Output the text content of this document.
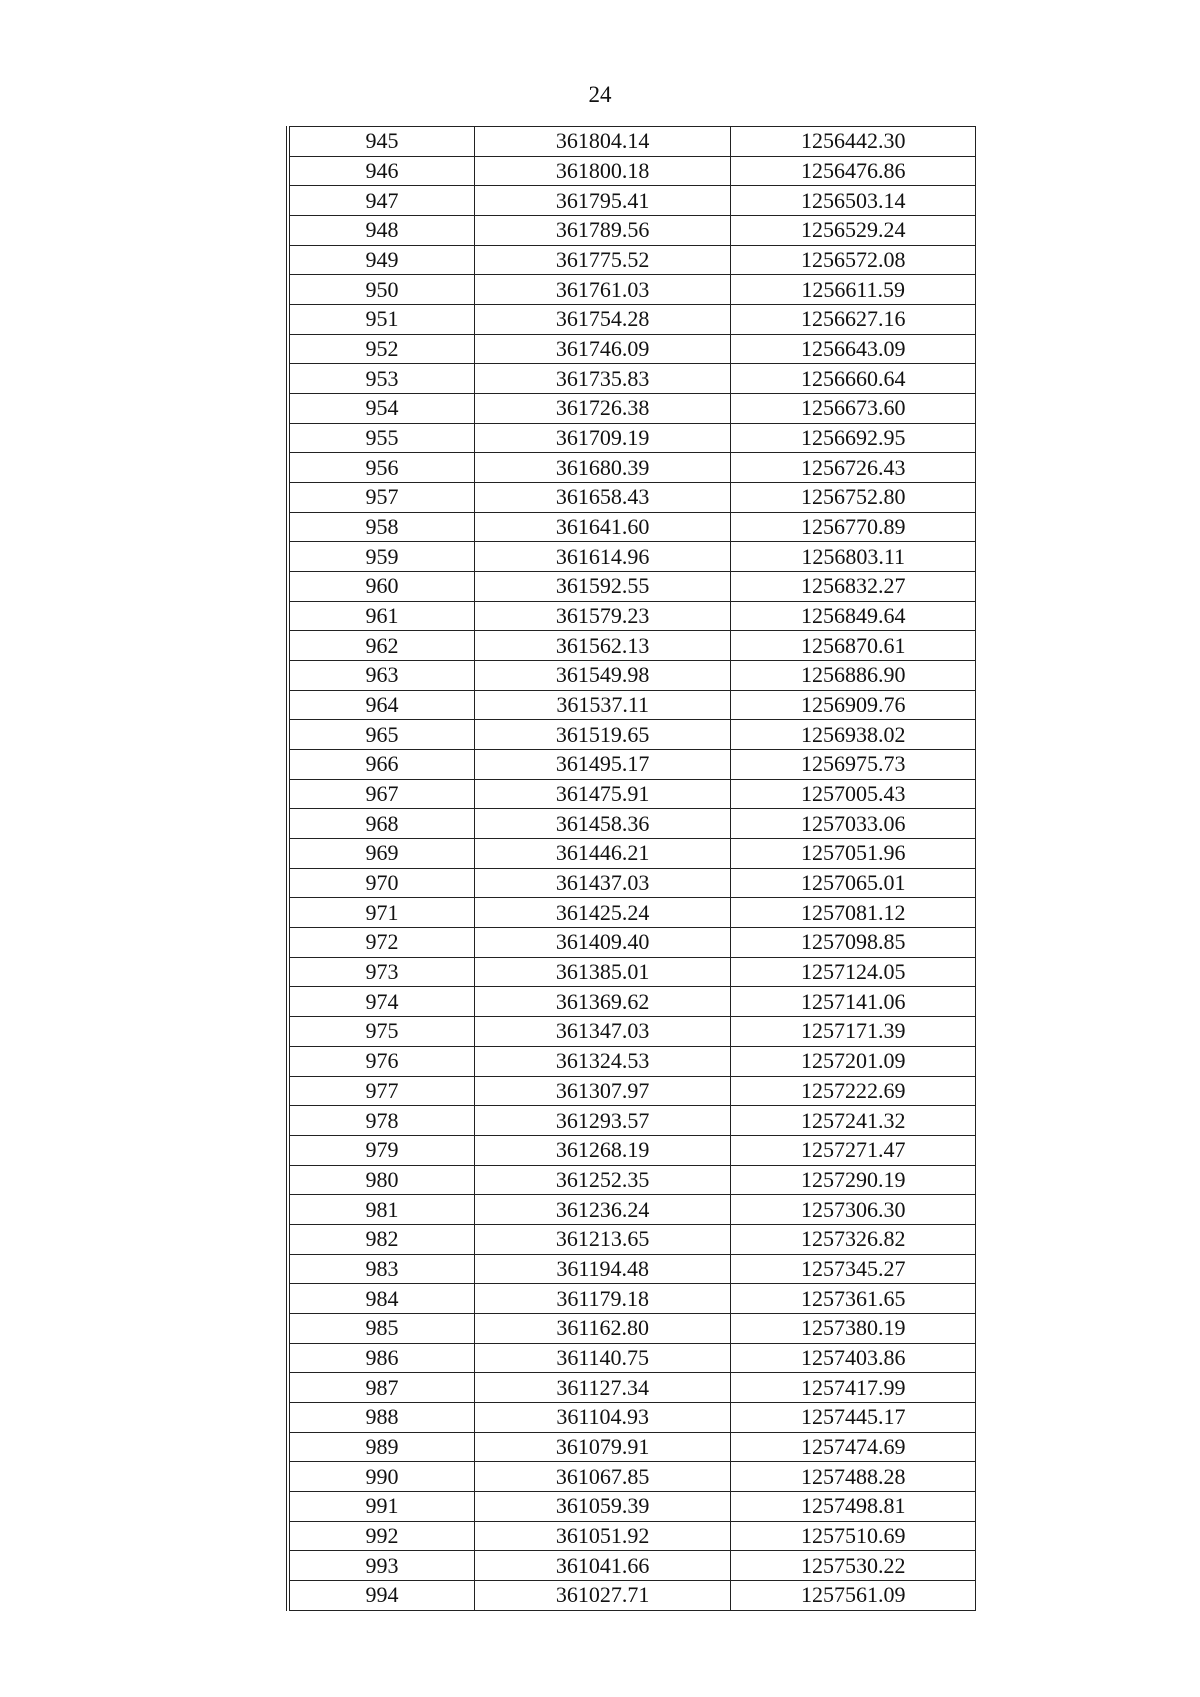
24
945	361804.14	1256442.30
946	361800.18	1256476.86
947	361795.41	1256503.14
948	361789.56	1256529.24
949	361775.52	1256572.08
950	361761.03	1256611.59
951	361754.28	1256627.16
952	361746.09	1256643.09
953	361735.83	1256660.64
954	361726.38	1256673.60
955	361709.19	1256692.95
956	361680.39	1256726.43
957	361658.43	1256752.80
958	361641.60	1256770.89
959	361614.96	1256803.11
960	361592.55	1256832.27
961	361579.23	1256849.64
962	361562.13	1256870.61
963	361549.98	1256886.90
964	361537.11	1256909.76
965	361519.65	1256938.02
966	361495.17	1256975.73
967	361475.91	1257005.43
968	361458.36	1257033.06
969	361446.21	1257051.96
970	361437.03	1257065.01
971	361425.24	1257081.12
972	361409.40	1257098.85
973	361385.01	1257124.05
974	361369.62	1257141.06
975	361347.03	1257171.39
976	361324.53	1257201.09
977	361307.97	1257222.69
978	361293.57	1257241.32
979	361268.19	1257271.47
980	361252.35	1257290.19
981	361236.24	1257306.30
982	361213.65	1257326.82
983	361194.48	1257345.27
984	361179.18	1257361.65
985	361162.80	1257380.19
986	361140.75	1257403.86
987	361127.34	1257417.99
988	361104.93	1257445.17
989	361079.91	1257474.69
990	361067.85	1257488.28
991	361059.39	1257498.81
992	361051.92	1257510.69
993	361041.66	1257530.22
994	361027.71	1257561.09
